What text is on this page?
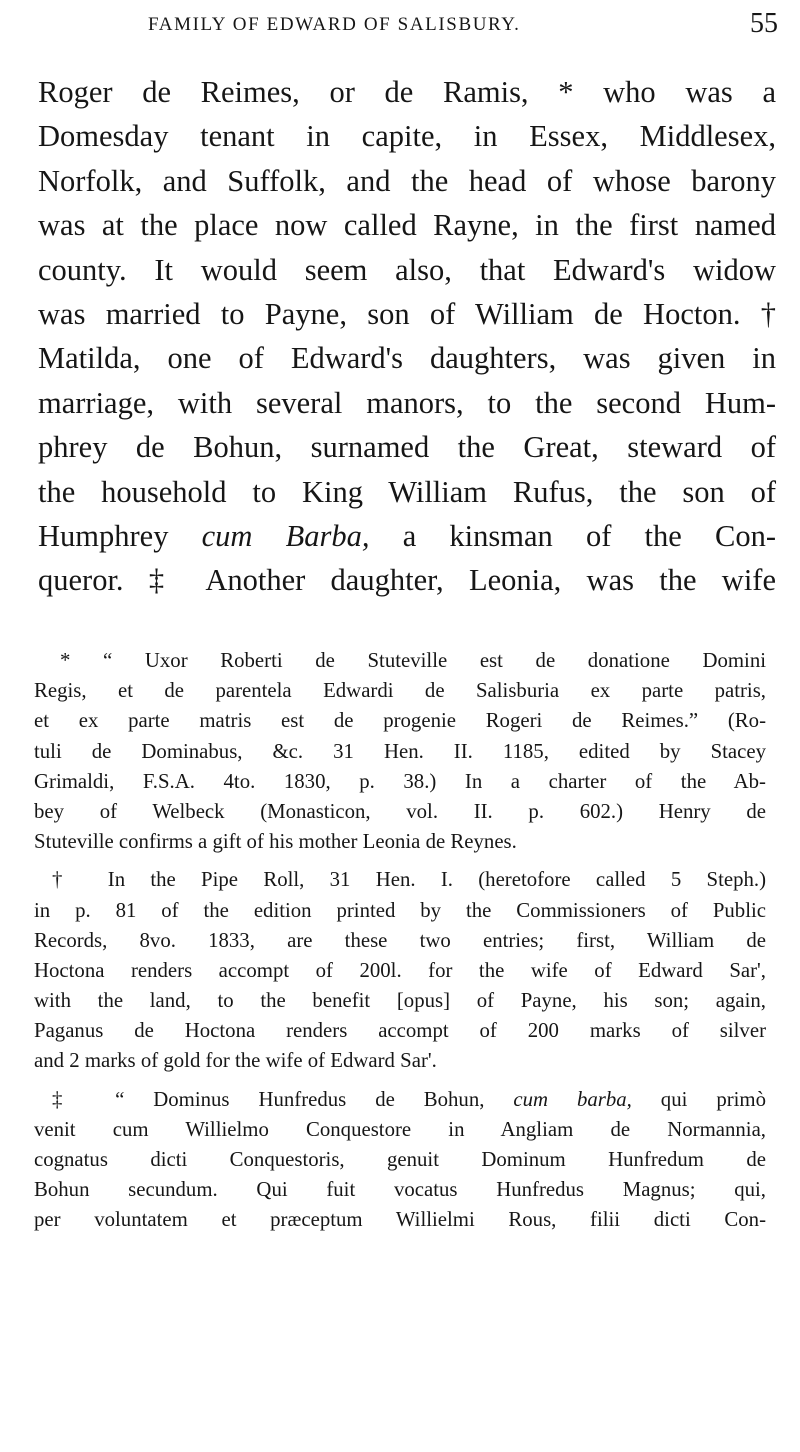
FAMILY OF EDWARD OF SALISBURY.	55
Roger de Reimes, or de Ramis, * who was a
Domesday tenant in capite, in Essex, Middlesex,
Norfolk, and Suffolk, and the head of whose barony
was at the place now called Rayne, in the first named
county. It would seem also, that Edward's widow
was married to Payne, son of William de Hocton. †
Matilda, one of Edward's daughters, was given in
marriage, with several manors, to the second Hum-
phrey de Bohun, surnamed the Great, steward of
the household to King William Rufus, the son of
Humphrey cum Barba, a kinsman of the Con-
queror. ‡ Another daughter, Leonia, was the wife
* “ Uxor Roberti de Stuteville est de donatione Domini
Regis, et de parentela Edwardi de Salisburia ex parte patris,
et ex parte matris est de progenie Rogeri de Reimes.” (Ro-
tuli de Dominabus, &c. 31 Hen. II. 1185, edited by Stacey
Grimaldi, F.S.A. 4to. 1830, p. 38.) In a charter of the Ab-
bey of Welbeck (Monasticon, vol. II. p. 602.) Henry de
Stuteville confirms a gift of his mother Leonia de Reynes.
† In the Pipe Roll, 31 Hen. I. (heretofore called 5 Steph.)
in p. 81 of the edition printed by the Commissioners of Public
Records, 8vo. 1833, are these two entries; first, William de
Hoctona renders accompt of 200l. for the wife of Edward Sar',
with the land, to the benefit [opus] of Payne, his son; again,
Paganus de Hoctona renders accompt of 200 marks of silver
and 2 marks of gold for the wife of Edward Sar'.
‡ “ Dominus Hunfredus de Bohun, cum barba, qui primò
venit cum Willielmo Conquestore in Angliam de Normannia,
cognatus dicti Conquestoris, genuit Dominum Hunfredum de
Bohun secundum. Qui fuit vocatus Hunfredus Magnus; qui,
per voluntatem et præceptum Willielmi Rous, filii dicti Con-
